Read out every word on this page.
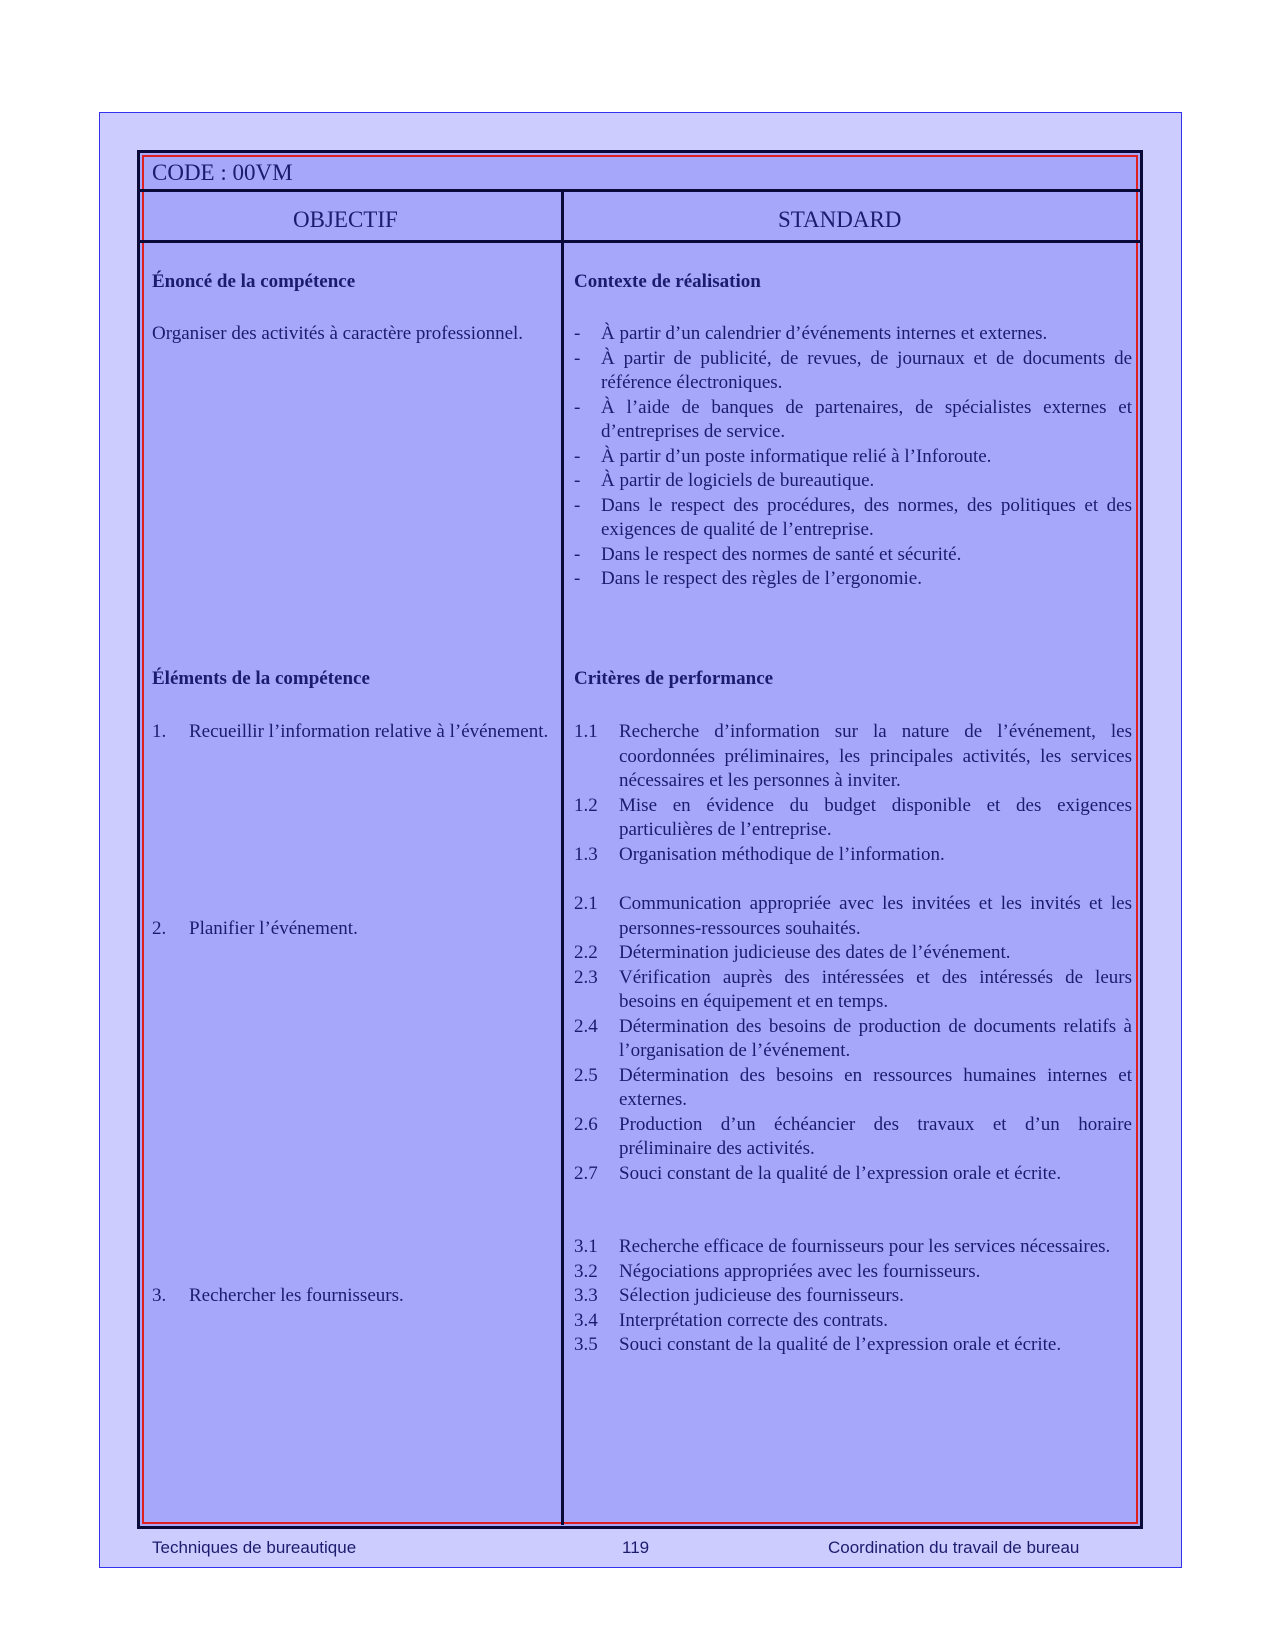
CODE : 00VM
OBJECTIF	STANDARD
Énoncé de la compétence	Contexte de réalisation
Organiser des activités à caractère professionnel.	- À partir d’un calendrier d’événements internes et externes.
- À partir de publicité, de revues, de journaux et de documents de référence électroniques.
- À l’aide de banques de partenaires, de spécialistes externes et d’entreprises de service.
- À partir d’un poste informatique relié à l’Inforoute.
- À partir de logiciels de bureautique.
- Dans le respect des procédures, des normes, des politiques et des exigences de qualité de l’entreprise.
- Dans le respect des normes de santé et sécurité.
- Dans le respect des règles de l’ergonomie.
Éléments de la compétence	Critères de performance
1. Recueillir l’information relative à l’événement.	1.1 Recherche d’information sur la nature de l’événement, les coordonnées préliminaires, les principales activités, les services nécessaires et les personnes à inviter.
1.2 Mise en évidence du budget disponible et des exigences particulières de l’entreprise.
1.3 Organisation méthodique de l’information.
2. Planifier l’événement.
2.1 Communication appropriée avec les invitées et les invités et les personnes-ressources souhaités.
2.2 Détermination judicieuse des dates de l’événement.
2.3 Vérification auprès des intéressées et des intéressés de leurs besoins en équipement et en temps.
2.4 Détermination des besoins de production de documents relatifs à l’organisation de l’événement.
2.5 Détermination des besoins en ressources humaines internes et externes.
2.6 Production d’un échéancier des travaux et d’un horaire préliminaire des activités.
2.7 Souci constant de la qualité de l’expression orale et écrite.
3. Rechercher les fournisseurs.
3.1 Recherche efficace de fournisseurs pour les services nécessaires.
3.2 Négociations appropriées avec les fournisseurs.
3.3 Sélection judicieuse des fournisseurs.
3.4 Interprétation correcte des contrats.
3.5 Souci constant de la qualité de l’expression orale et écrite.
Techniques de bureautique	119	Coordination du travail de bureau
